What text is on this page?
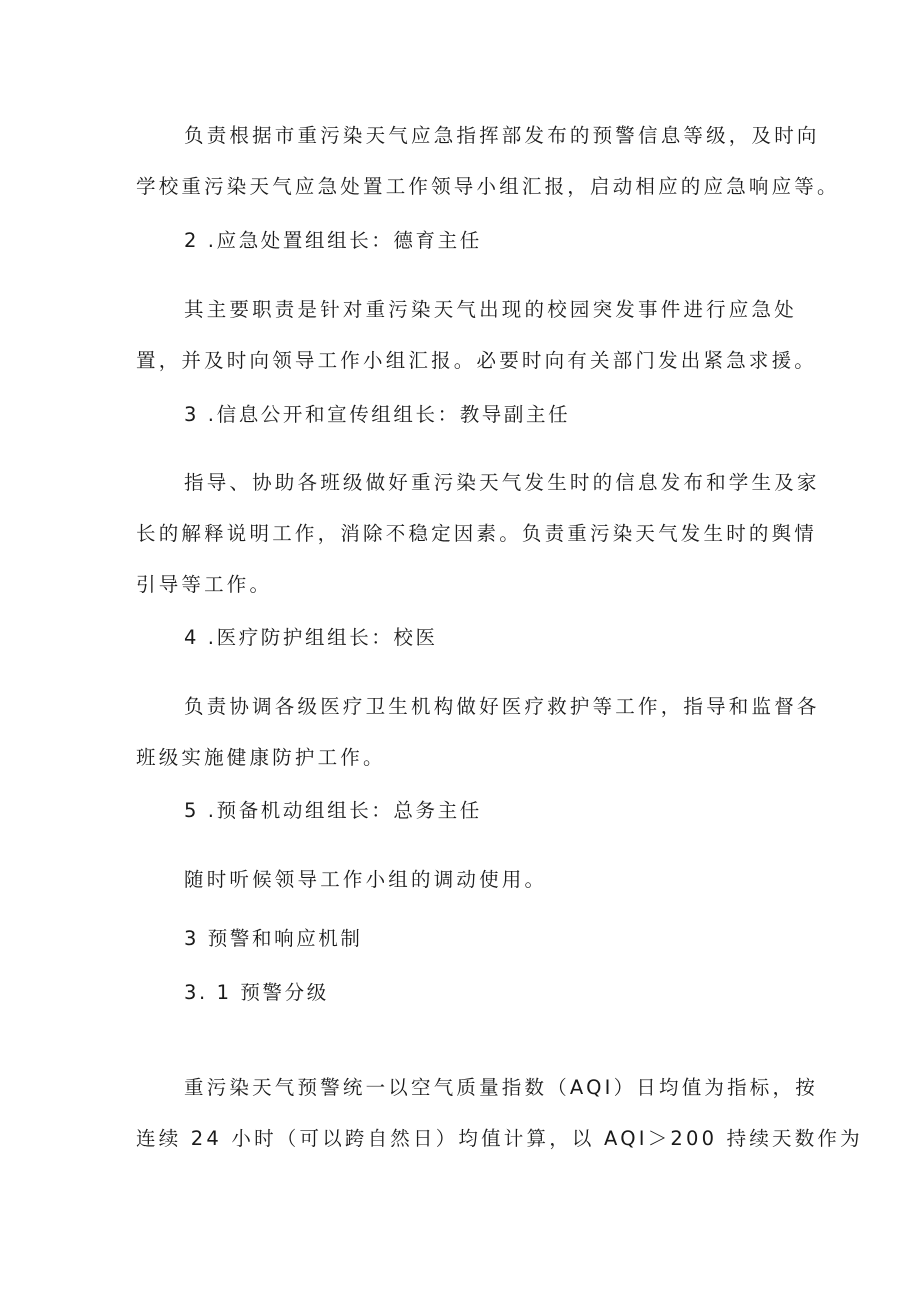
负责根据市重污染天气应急指挥部发布的预警信息等级，及时向
学校重污染天气应急处置工作领导小组汇报，启动相应的应急响应等。
2 .应急处置组组长：德育主任
其主要职责是针对重污染天气出现的校园突发事件进行应急处
置，并及时向领导工作小组汇报。必要时向有关部门发出紧急求援。
3 .信息公开和宣传组组长：教导副主任
指导、协助各班级做好重污染天气发生时的信息发布和学生及家
长的解释说明工作，消除不稳定因素。负责重污染天气发生时的舆情
引导等工作。
4 .医疗防护组组长：校医
负责协调各级医疗卫生机构做好医疗救护等工作，指导和监督各
班级实施健康防护工作。
5 .预备机动组组长：总务主任
随时听候领导工作小组的调动使用。
3 预警和响应机制
3. 1 预警分级
重污染天气预警统一以空气质量指数（AQI）日均值为指标，按
连续 24 小时（可以跨自然日）均值计算，以 AQI＞200 持续天数作为
